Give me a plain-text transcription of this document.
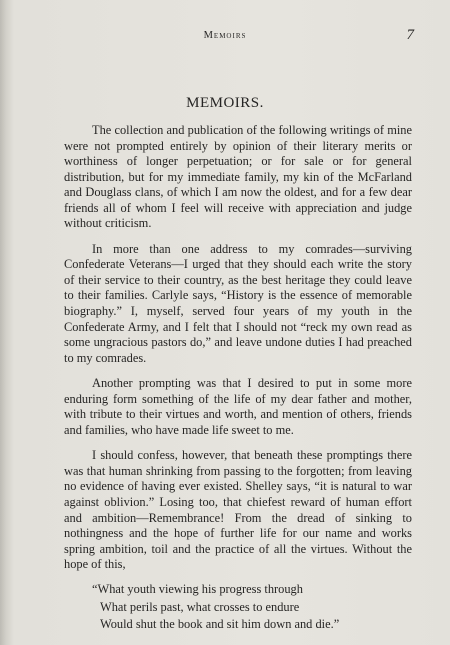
Memoirs	7
MEMOIRS.

The collection and publication of the following writings of mine were not prompted entirely by opinion of their literary merits or worthiness of longer perpetuation; or for sale or for general distribution, but for my immediate family, my kin of the McFarland and Douglass clans, of which I am now the oldest, and for a few dear friends all of whom I feel will receive with appreciation and judge without criticism.

In more than one address to my comrades—surviving Confederate Veterans—I urged that they should each write the story of their service to their country, as the best heritage they could leave to their families. Carlyle says, “History is the essence of memorable biography.” I, myself, served four years of my youth in the Confederate Army, and I felt that I should not “reck my own read as some ungracious pastors do,” and leave undone duties I had preached to my comrades.

Another prompting was that I desired to put in some more enduring form something of the life of my dear father and mother, with tribute to their virtues and worth, and mention of others, friends and families, who have made life sweet to me.

I should confess, however, that beneath these promptings there was that human shrinking from passing to the forgotten; from leaving no evidence of having ever existed. Shelley says, “it is natural to war against oblivion.” Losing too, that chiefest reward of human effort and ambition—Remembrance! From the dread of sinking to nothingness and the hope of further life for our name and works spring ambition, toil and the practice of all the virtues. Without the hope of this,

“What youth viewing his progress through
What perils past, what crosses to endure
Would shut the book and sit him down and die.”
